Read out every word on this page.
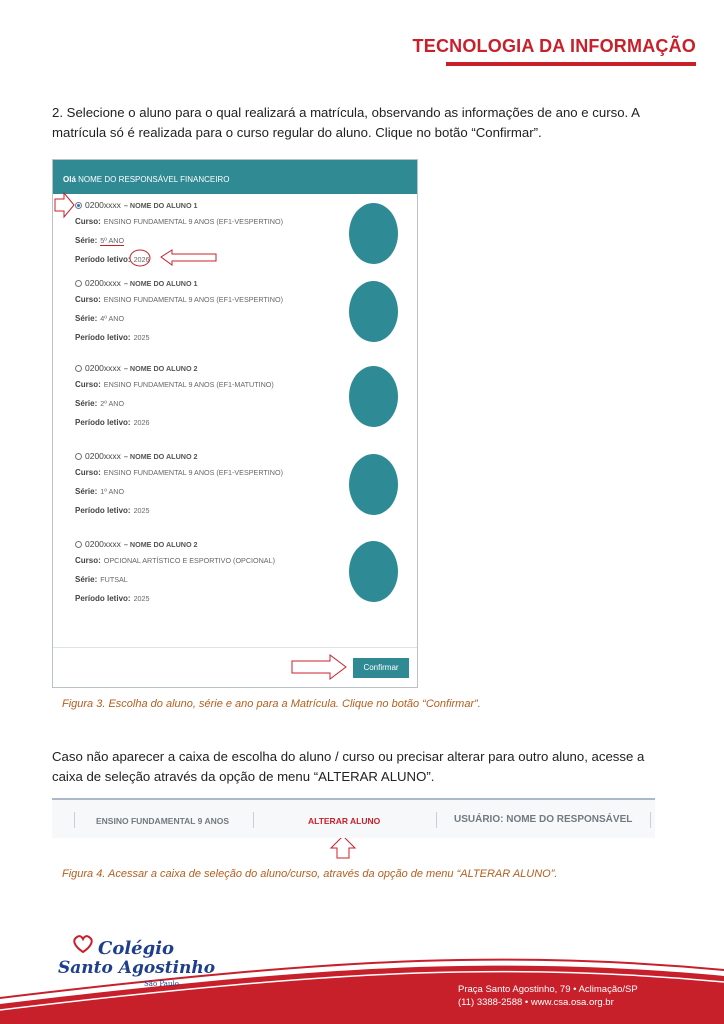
TECNOLOGIA DA INFORMAÇÃO
2. Selecione o aluno para o qual realizará a matrícula, observando as informações de ano e curso. A matrícula só é realizada para o curso regular do aluno. Clique no botão “Confirmar”.
Olá NOME DO RESPONSÁVEL FINANCEIRO
0200xxxx – NOME DO ALUNO 1
Curso: ENSINO FUNDAMENTAL 9 ANOS (EF1-VESPERTINO)
Série: 5º ANO
Período letivo: 2026
0200xxxx – NOME DO ALUNO 1
Curso: ENSINO FUNDAMENTAL 9 ANOS (EF1-VESPERTINO)
Série: 4º ANO
Período letivo: 2025
0200xxxx – NOME DO ALUNO 2
Curso: ENSINO FUNDAMENTAL 9 ANOS (EF1-MATUTINO)
Série: 2º ANO
Período letivo: 2026
0200xxxx – NOME DO ALUNO 2
Curso: ENSINO FUNDAMENTAL 9 ANOS (EF1-VESPERTINO)
Série: 1º ANO
Período letivo: 2025
0200xxxx – NOME DO ALUNO 2
Curso: OPCIONAL ARTÍSTICO E ESPORTIVO (OPCIONAL)
Série: FUTSAL
Período letivo: 2025
Confirmar
Figura 3. Escolha do aluno, série e ano para a Matrícula. Clique no botão “Confirmar”.
Caso não aparecer a caixa de escolha do aluno / curso ou precisar alterar para outro aluno, acesse a caixa de seleção através da opção de menu “ALTERAR ALUNO”.
ENSINO FUNDAMENTAL 9 ANOS	ALTERAR ALUNO	USUÁRIO: NOME DO RESPONSÁVEL
Figura 4. Acessar a caixa de seleção do aluno/curso, através da opção de menu “ALTERAR ALUNO”.
Colégio
Santo Agostinho
São Paulo	Praça Santo Agostinho, 79 • Aclimação/SP
(11) 3388-2588 • www.csa.osa.org.br
